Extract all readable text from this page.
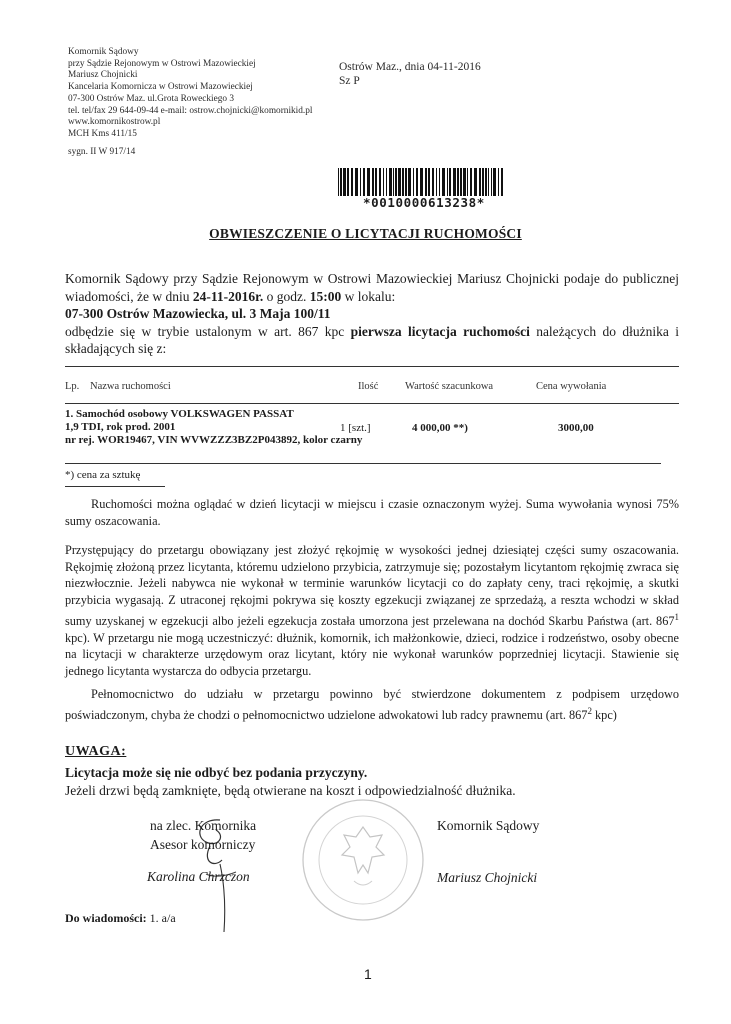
Komornik Sądowy
przy Sądzie Rejonowym w Ostrowi Mazowieckiej
Mariusz Chojnicki
Kancelaria Komornicza w Ostrowi Mazowieckiej
07-300 Ostrów Maz. ul.Grota Roweckiego 3
tel. tel/fax 29 644-09-44 e-mail: ostrow.chojnicki@komornikid.pl
www.komornikostrow.pl
MCH Kms 411/15
sygn. II W 917/14
Ostrów Maz., dnia 04-11-2016
Sz P
*0010000613238*
OBWIESZCZENIE O LICYTACJI RUCHOMOŚCI
Komornik Sądowy przy Sądzie Rejonowym w Ostrowi Mazowieckiej Mariusz Chojnicki podaje do publicznej wiadomości, że w dniu 24-11-2016r. o godz. 15:00 w lokalu:
07-300 Ostrów Mazowiecka, ul. 3 Maja 100/11
odbędzie się w trybie ustalonym w art. 867 kpc pierwsza licytacja ruchomości należących do dłużnika i składających się z:
Lp. Nazwa ruchomości	Ilość	Wartość szacunkowa	Cena wywołania
1. Samochód osobowy VOLKSWAGEN PASSAT
1,9 TDI, rok prod. 2001
nr rej. WOR19467, VIN WVWZZZ3BZ2P043892, kolor czarny
1 [szt.]	4 000,00 **)	3000,00
*) cena za sztukę
Ruchomości można oglądać w dzień licytacji w miejscu i czasie oznaczonym wyżej. Suma wywołania wynosi 75% sumy oszacowania.
Przystępujący do przetargu obowiązany jest złożyć rękojmię w wysokości jednej dziesiątej części sumy oszacowania. Rękojmię złożoną przez licytanta, któremu udzielono przybicia, zatrzymuje się; pozostałym licytantom rękojmię zwraca się niezwłocznie. Jeżeli nabywca nie wykonał w terminie warunków licytacji co do zapłaty ceny, traci rękojmię, a skutki przybicia wygasają. Z utraconej rękojmi pokrywa się koszty egzekucji związanej ze sprzedażą, a reszta wchodzi w skład sumy uzyskanej w egzekucji albo jeżeli egzekucja została umorzona jest przelewana na dochód Skarbu Państwa (art. $867^1$ kpc). W przetargu nie mogą uczestniczyć: dłużnik, komornik, ich małżonkowie, dzieci, rodzice i rodzeństwo, osoby obecne na licytacji w charakterze urzędowym oraz licytant, który nie wykonał warunków poprzedniej licytacji. Stawienie się jednego licytanta wystarcza do odbycia przetargu.
Pełnomocnictwo do udziału w przetargu powinno być stwierdzone dokumentem z podpisem urzędowo poświadczonym, chyba że chodzi o pełnomocnictwo udzielone adwokatowi lub radcy prawnemu (art. $867^2$ kpc)
UWAGA:
Licytacja może się nie odbyć bez podania przyczyny.
Jeżeli drzwi będą zamknięte, będą otwierane na koszt i odpowiedzialność dłużnika.
na zlec. Komornika
Asesor komorniczy
Karolina Chrzczon
Komornik Sądowy
Mariusz Chojnicki
Do wiadomości: 1. a/a
1
